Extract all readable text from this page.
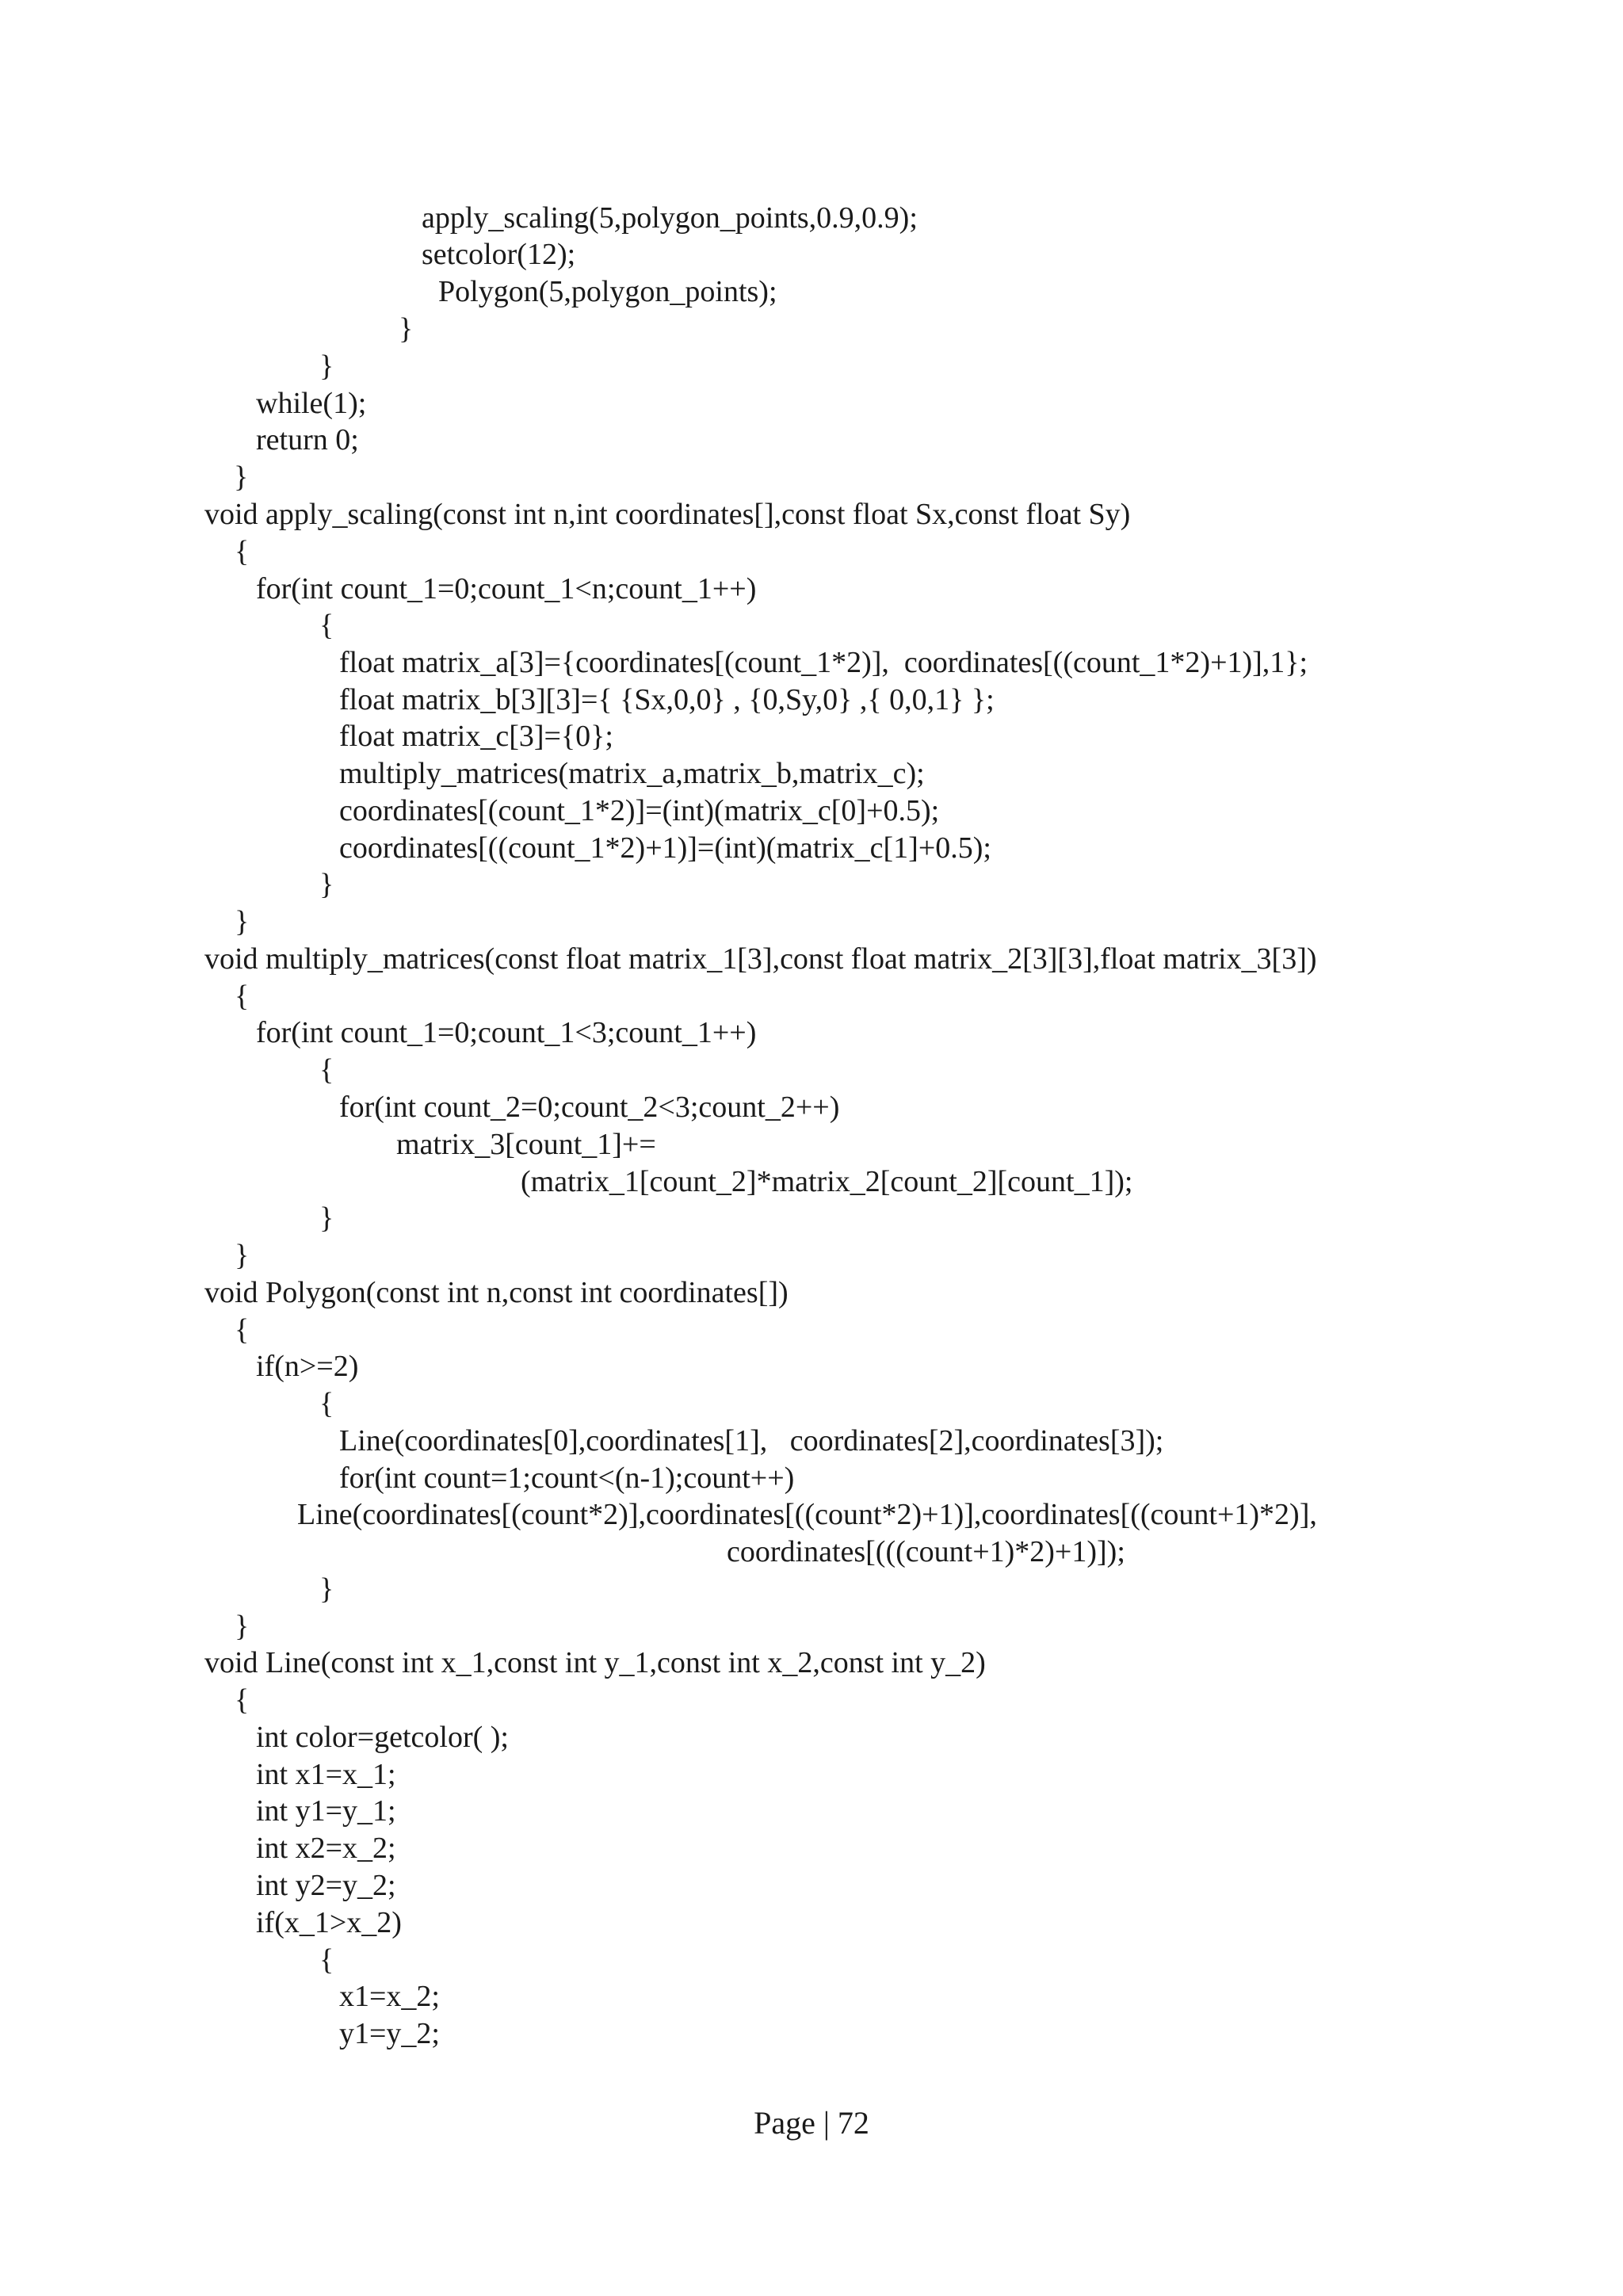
apply_scaling(5,polygon_points,0.9,0.9);
setcolor(12);
Polygon(5,polygon_points);
}
}
while(1);
return 0;
}
void apply_scaling(const int n,int coordinates[],const float Sx,const float Sy)
{
for(int count_1=0;count_1<n;count_1++)
{
float matrix_a[3]={coordinates[(count_1*2)],  coordinates[((count_1*2)+1)],1};
float matrix_b[3][3]={ {Sx,0,0} , {0,Sy,0} ,{ 0,0,1} };
float matrix_c[3]={0};
multiply_matrices(matrix_a,matrix_b,matrix_c);
coordinates[(count_1*2)]=(int)(matrix_c[0]+0.5);
coordinates[((count_1*2)+1)]=(int)(matrix_c[1]+0.5);
}
}
void multiply_matrices(const float matrix_1[3],const float matrix_2[3][3],float matrix_3[3])
{
for(int count_1=0;count_1<3;count_1++)
{
for(int count_2=0;count_2<3;count_2++)
matrix_3[count_1]+=
(matrix_1[count_2]*matrix_2[count_2][count_1]);
}
}
void Polygon(const int n,const int coordinates[])
{
if(n>=2)
{
Line(coordinates[0],coordinates[1],   coordinates[2],coordinates[3]);
for(int count=1;count<(n-1);count++)
Line(coordinates[(count*2)],coordinates[((count*2)+1)],coordinates[((count+1)*2)],
coordinates[(((count+1)*2)+1)]);
}
}
void Line(const int x_1,const int y_1,const int x_2,const int y_2)
{
int color=getcolor( );
int x1=x_1;
int y1=y_1;
int x2=x_2;
int y2=y_2;
if(x_1>x_2)
{
x1=x_2;
y1=y_2;
Page | 72
